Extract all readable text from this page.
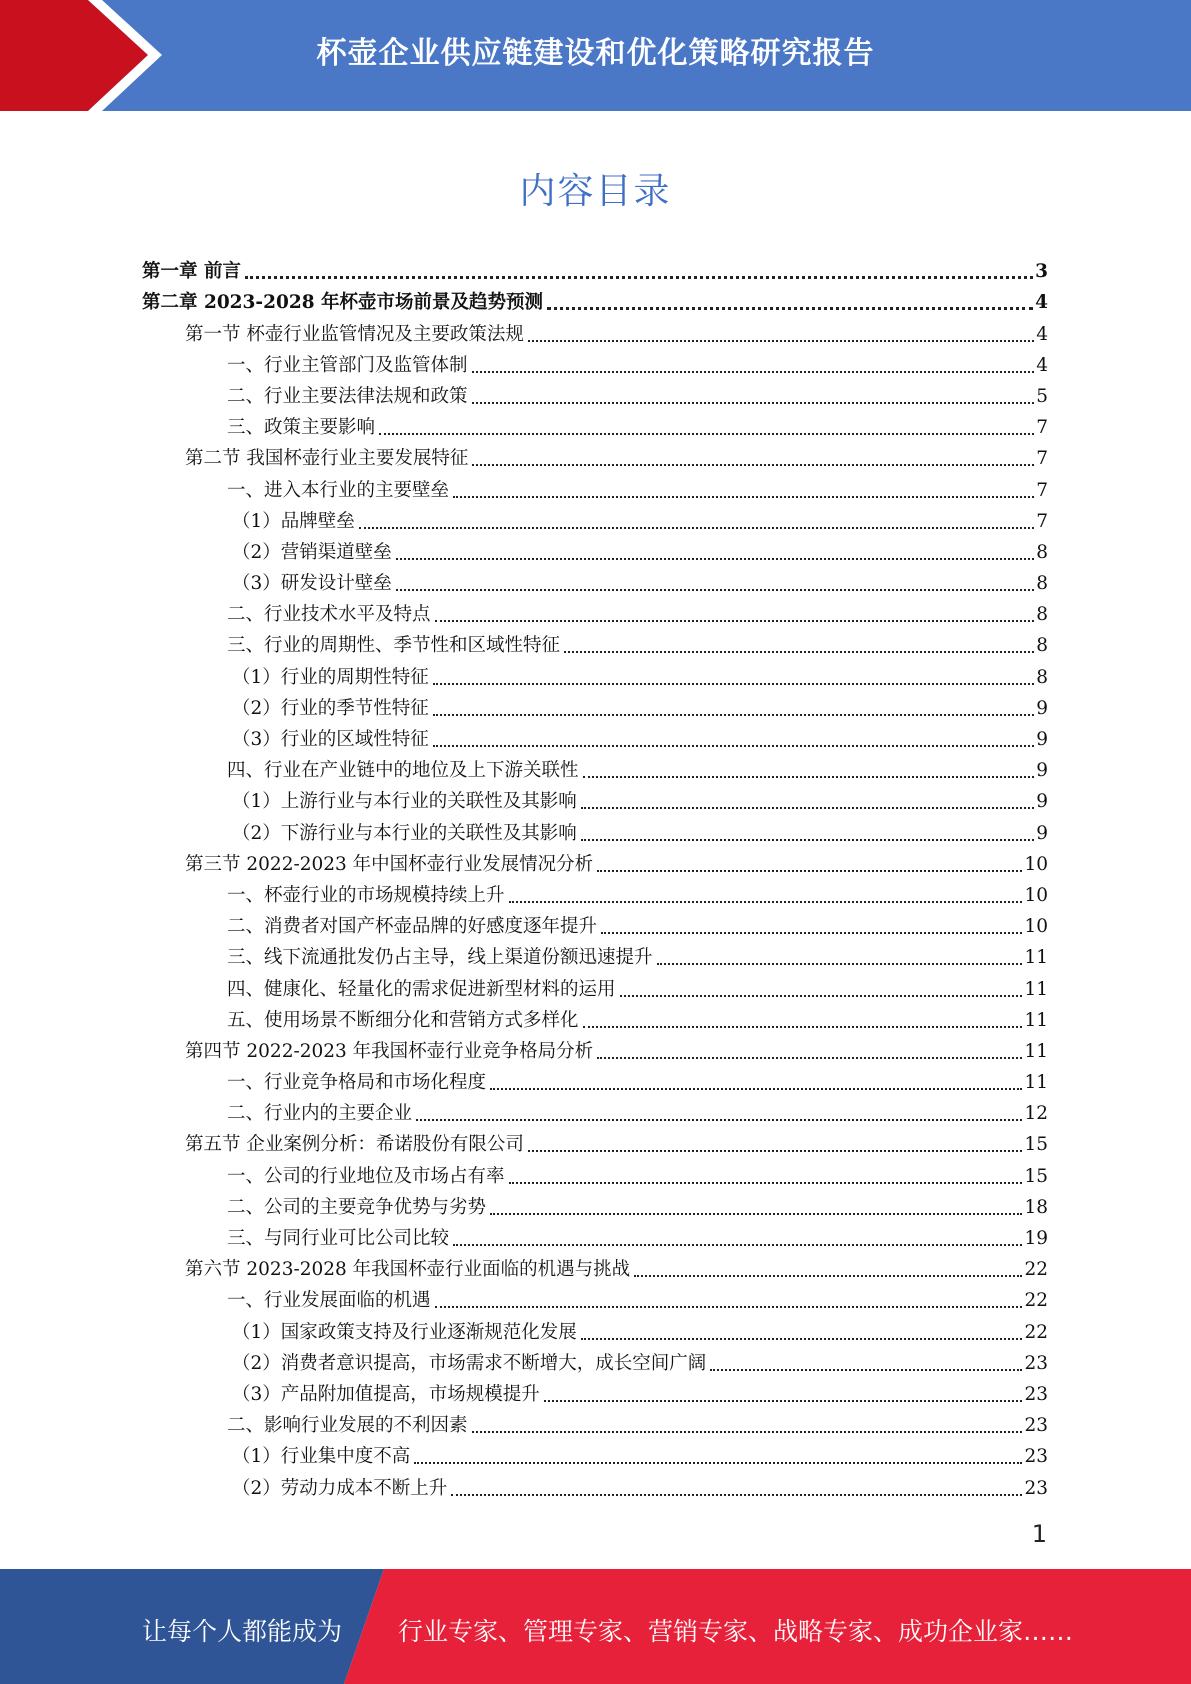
杯壶企业供应链建设和优化策略研究报告
内容目录
第一章 前言	3
第二章 2023-2028 年杯壶市场前景及趋势预测	4
第一节 杯壶行业监管情况及主要政策法规	4
一、行业主管部门及监管体制	4
二、行业主要法律法规和政策	5
三、政策主要影响	7
第二节 我国杯壶行业主要发展特征	7
一、进入本行业的主要壁垒	7
（1）品牌壁垒	7
（2）营销渠道壁垒	8
（3）研发设计壁垒	8
二、行业技术水平及特点	8
三、行业的周期性、季节性和区域性特征	8
（1）行业的周期性特征	8
（2）行业的季节性特征	9
（3）行业的区域性特征	9
四、行业在产业链中的地位及上下游关联性	9
（1）上游行业与本行业的关联性及其影响	9
（2）下游行业与本行业的关联性及其影响	9
第三节 2022-2023 年中国杯壶行业发展情况分析	10
一、杯壶行业的市场规模持续上升	10
二、消费者对国产杯壶品牌的好感度逐年提升	10
三、线下流通批发仍占主导，线上渠道份额迅速提升	11
四、健康化、轻量化的需求促进新型材料的运用	11
五、使用场景不断细分化和营销方式多样化	11
第四节 2022-2023 年我国杯壶行业竞争格局分析	11
一、行业竞争格局和市场化程度	11
二、行业内的主要企业	12
第五节 企业案例分析：希诺股份有限公司	15
一、公司的行业地位及市场占有率	15
二、公司的主要竞争优势与劣势	18
三、与同行业可比公司比较	19
第六节 2023-2028 年我国杯壶行业面临的机遇与挑战	22
一、行业发展面临的机遇	22
（1）国家政策支持及行业逐渐规范化发展	22
（2）消费者意识提高，市场需求不断增大，成长空间广阔	23
（3）产品附加值提高，市场规模提升	23
二、影响行业发展的不利因素	23
（1）行业集中度不高	23
（2）劳动力成本不断上升	23
1
让每个人都能成为 行业专家、管理专家、营销专家、战略专家、成功企业家……
